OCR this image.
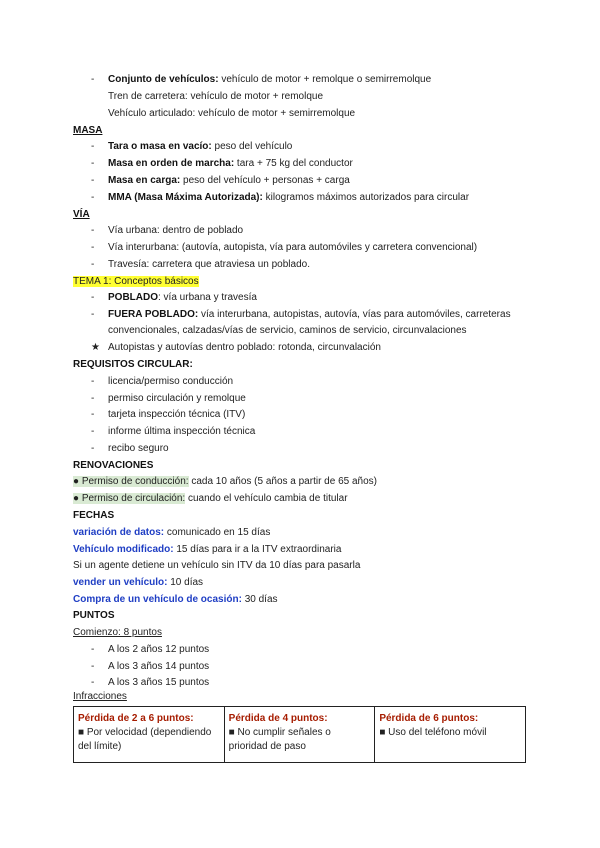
- Conjunto de vehículos: vehículo de motor + remolque o semirremolque
Tren de carretera: vehículo de motor + remolque
Vehículo articulado: vehículo de motor + semirremolque
MASA
- Tara o masa en vacío: peso del vehículo
- Masa en orden de marcha: tara + 75 kg del conductor
- Masa en carga: peso del vehículo + personas + carga
- MMA (Masa Máxima Autorizada): kilogramos máximos autorizados para circular
VÍA
- Vía urbana: dentro de poblado
- Vía interurbana: (autovía, autopista, vía para automóviles y carretera convencional)
- Travesía: carretera que atraviesa un poblado.
TEMA 1: Conceptos básicos
- POBLADO: vía urbana y travesía
- FUERA POBLADO: vía interurbana, autopistas, autovía, vías para automóviles, carreteras
convencionales, calzadas/vías de servicio, caminos de servicio, circunvalaciones
★ Autopistas y autovías dentro poblado: rotonda, circunvalación
REQUISITOS CIRCULAR:
- licencia/permiso conducción
- permiso circulación y remolque
- tarjeta inspección técnica (ITV)
- informe última inspección técnica
- recibo seguro
RENOVACIONES
● Permiso de conducción: cada 10 años (5 años a partir de 65 años)
● Permiso de circulación: cuando el vehículo cambia de titular
FECHAS
variación de datos: comunicado en 15 días
Vehículo modificado: 15 días para ir a la ITV extraordinaria
Si un agente detiene un vehículo sin ITV da 10 días para pasarla
vender un vehículo: 10 días
Compra de un vehículo de ocasión: 30 días
PUNTOS
Comienzo: 8 puntos
- A los 2 años 12 puntos
- A los 3 años 14 puntos
- A los 3 años 15 puntos
Infracciones
Pérdida de 2 a 6 puntos:
■ Por velocidad (dependiendo
del límite)

Pérdida de 4 puntos:
■ No cumplir señales o
prioridad de paso

Pérdida de 6 puntos:
■ Uso del teléfono móvil
